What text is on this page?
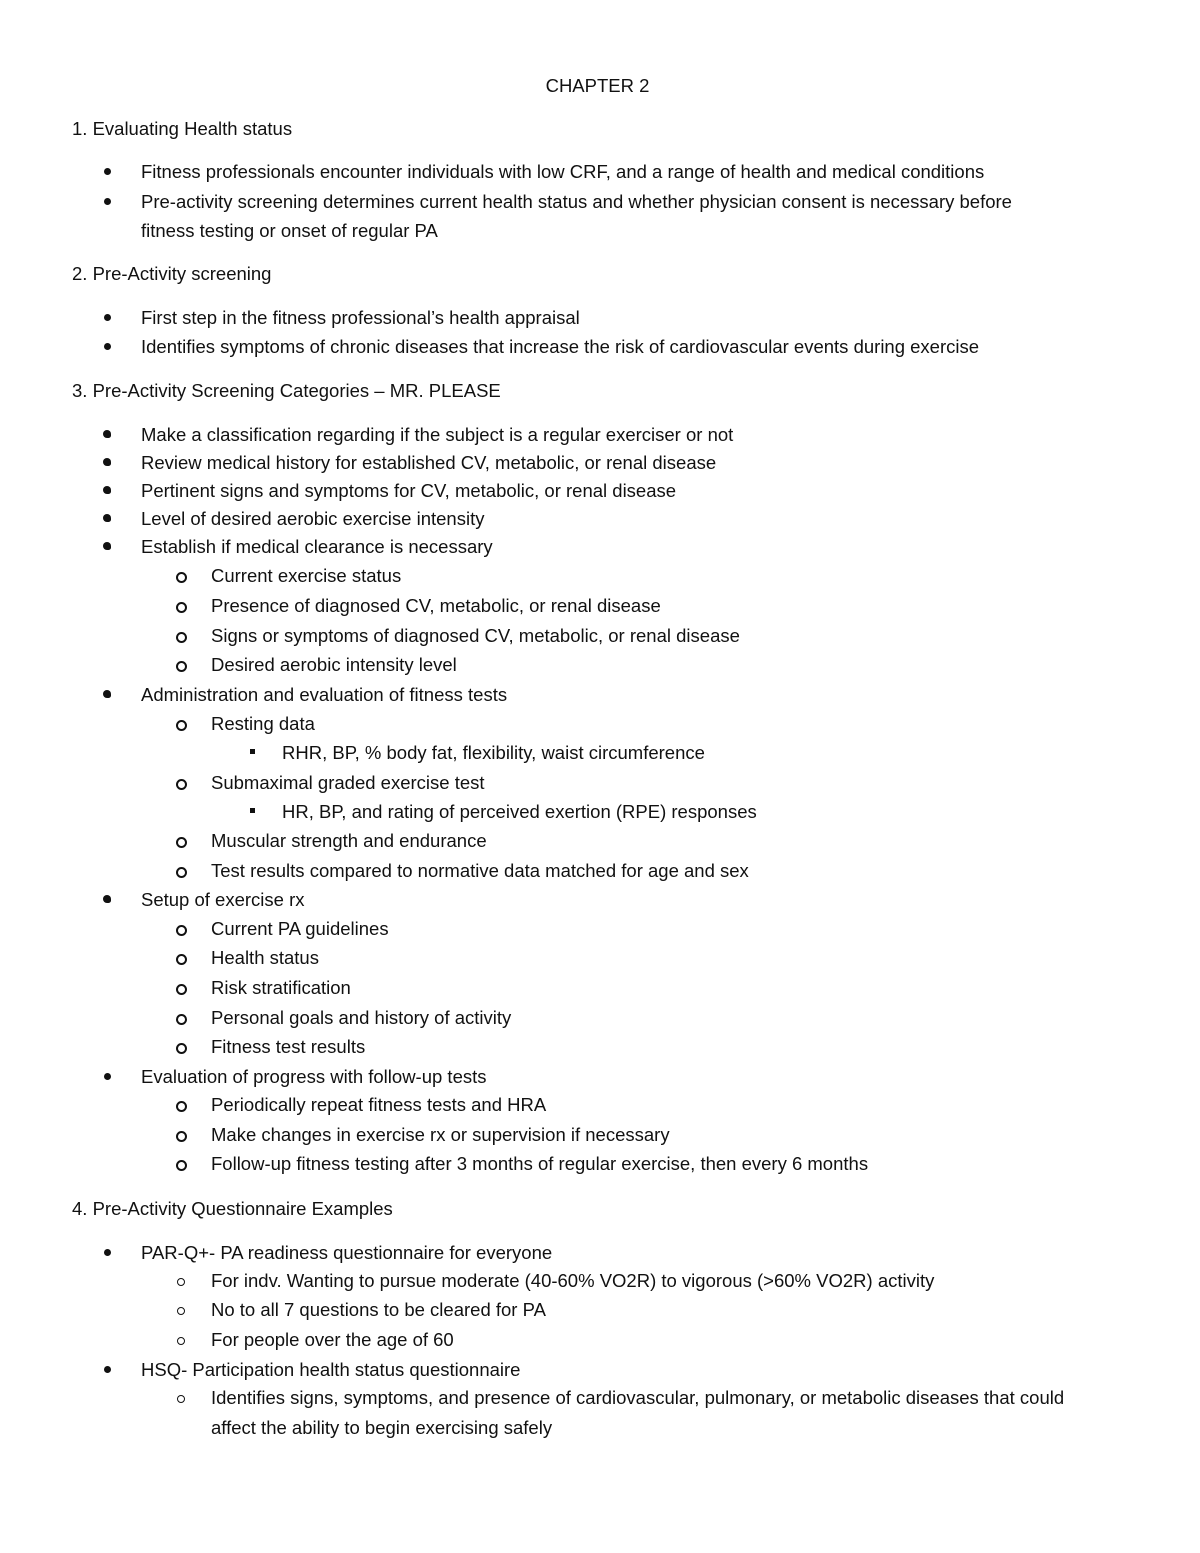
CHAPTER 2
1. Evaluating Health status
Fitness professionals encounter individuals with low CRF, and a range of health and medical conditions
Pre-activity screening determines current health status and whether physician consent is necessary before
fitness testing or onset of regular PA
2. Pre-Activity screening
First step in the fitness professional’s health appraisal
Identifies symptoms of chronic diseases that increase the risk of cardiovascular events during exercise
3. Pre-Activity Screening Categories – MR. PLEASE
Make a classification regarding if the subject is a regular exerciser or not
Review medical history for established CV, metabolic, or renal disease
Pertinent signs and symptoms for CV, metabolic, or renal disease
Level of desired aerobic exercise intensity
Establish if medical clearance is necessary
Current exercise status
Presence of diagnosed CV, metabolic, or renal disease
Signs or symptoms of diagnosed CV, metabolic, or renal disease
Desired aerobic intensity level
Administration and evaluation of fitness tests
Resting data
RHR, BP, % body fat, flexibility, waist circumference
Submaximal graded exercise test
HR, BP, and rating of perceived exertion (RPE) responses
Muscular strength and endurance
Test results compared to normative data matched for age and sex
Setup of exercise rx
Current PA guidelines
Health status
Risk stratification
Personal goals and history of activity
Fitness test results
Evaluation of progress with follow-up tests
Periodically repeat fitness tests and HRA
Make changes in exercise rx or supervision if necessary
Follow-up fitness testing after 3 months of regular exercise, then every 6 months
4. Pre-Activity Questionnaire Examples
PAR-Q+- PA readiness questionnaire for everyone
For indv. Wanting to pursue moderate (40-60% VO2R) to vigorous (>60% VO2R) activity
No to all 7 questions to be cleared for PA
For people over the age of 60
HSQ- Participation health status questionnaire
Identifies signs, symptoms, and presence of cardiovascular, pulmonary, or metabolic diseases that could
affect the ability to begin exercising safely
